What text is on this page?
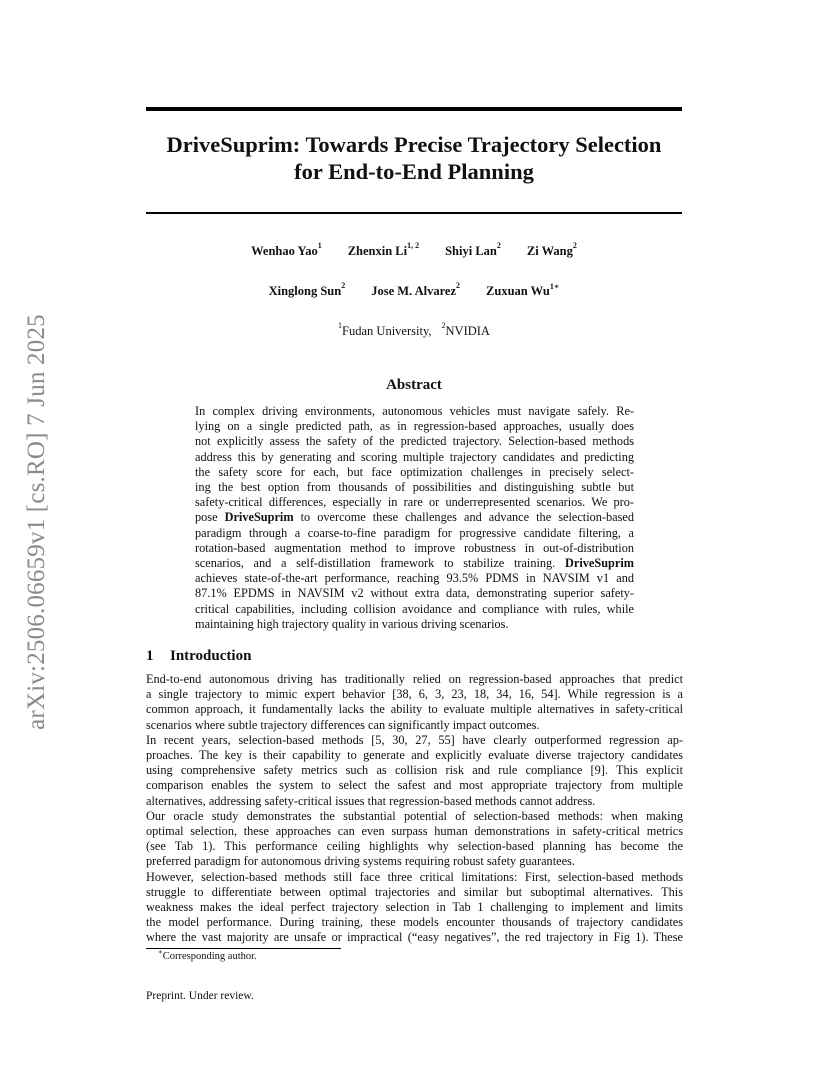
arXiv:2506.06659v1 [cs.RO] 7 Jun 2025
DriveSuprim: Towards Precise Trajectory Selection
for End-to-End Planning
Wenhao Yao$^1$ Zhenxin Li$^{1, 2}$ Shiyi Lan$^2$ Zi Wang$^2$
Xinglong Sun$^2$ Jose M. Alvarez$^2$ Zuxuan $Wu^{1∗}$
$^1$Fudan University, $^2$NVIDIA
Abstract
In complex driving environments, autonomous vehicles must navigate safely. Re-
lying on a single predicted path, as in regression-based approaches, usually does
not explicitly assess the safety of the predicted trajectory. Selection-based methods
address this by generating and scoring multiple trajectory candidates and predicting
the safety score for each, but face optimization challenges in precisely select-
ing the best option from thousands of possibilities and distinguishing subtle but
safety-critical differences, especially in rare or underrepresented scenarios. We pro-
pose DriveSuprim to overcome these challenges and advance the selection-based
paradigm through a coarse-to-fine paradigm for progressive candidate filtering, a
rotation-based augmentation method to improve robustness in out-of-distribution
scenarios, and a self-distillation framework to stabilize training. DriveSuprim
achieves state-of-the-art performance, reaching 93.5% PDMS in NAVSIM v1 and
87.1% EPDMS in NAVSIM v2 without extra data, demonstrating superior safety-
critical capabilities, including collision avoidance and compliance with rules, while
maintaining high trajectory quality in various driving scenarios.
1 Introduction
End-to-end autonomous driving has traditionally relied on regression-based approaches that predict
a single trajectory to mimic expert behavior [38, 6, 3, 23, 18, 34, 16, 54]. While regression is a
common approach, it fundamentally lacks the ability to evaluate multiple alternatives in safety-critical
scenarios where subtle trajectory differences can significantly impact outcomes.
In recent years, selection-based methods [5, 30, 27, 55] have clearly outperformed regression ap-
proaches. The key is their capability to generate and explicitly evaluate diverse trajectory candidates
using comprehensive safety metrics such as collision risk and rule compliance [9]. This explicit
comparison enables the system to select the safest and most appropriate trajectory from multiple
alternatives, addressing safety-critical issues that regression-based methods cannot address.
Our oracle study demonstrates the substantial potential of selection-based methods: when making
optimal selection, these approaches can even surpass human demonstrations in safety-critical metrics
(see Tab 1). This performance ceiling highlights why selection-based planning has become the
preferred paradigm for autonomous driving systems requiring robust safety guarantees.
However, selection-based methods still face three critical limitations: First, selection-based methods
struggle to differentiate between optimal trajectories and similar but suboptimal alternatives. This
weakness makes the ideal perfect trajectory selection in Tab 1 challenging to implement and limits
the model performance. During training, these models encounter thousands of trajectory candidates
where the vast majority are unsafe or impractical (“easy negatives”, the red trajectory in Fig 1). These
∗Corresponding author.
Preprint. Under review.
